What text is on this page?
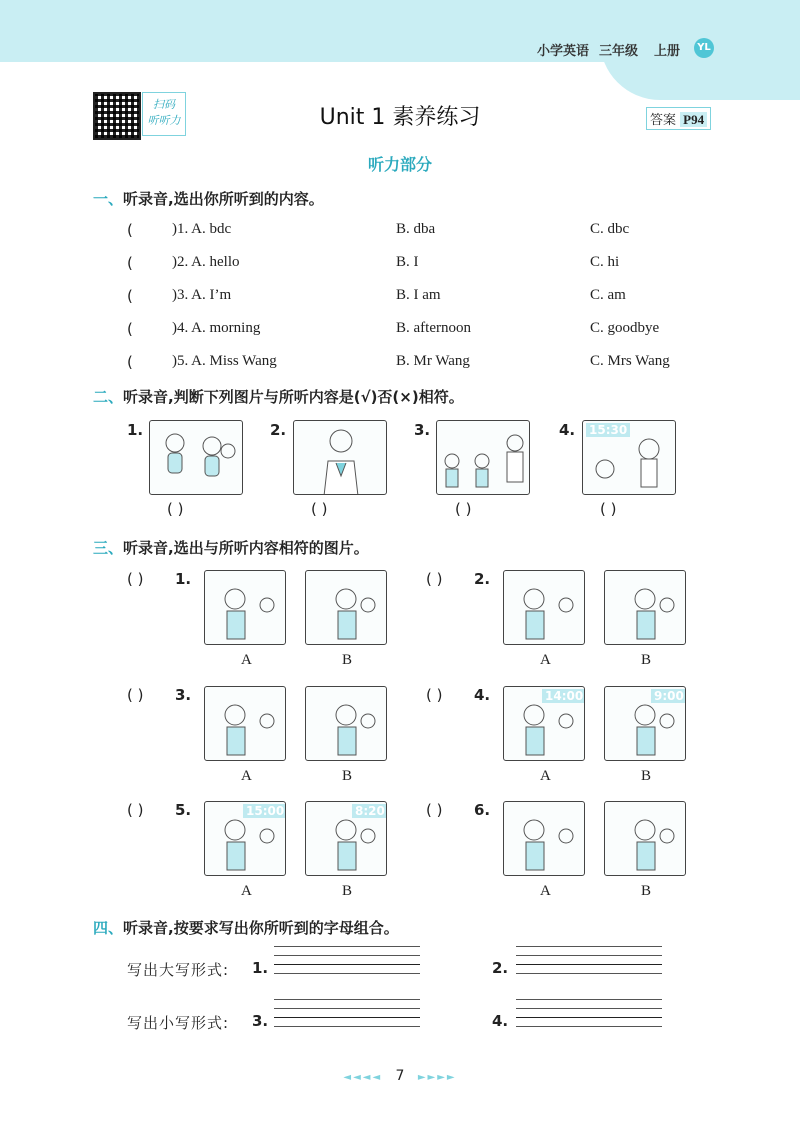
小学英语 三年级 上册	YL
扫码
听听力	Unit 1 素养练习	答案 P94
听力部分
一、听录音,选出你所听到的内容。
(	)1. A. bdc	B. dba	C. dbc
(	)2. A. hello	B. I	C. hi
(	)3. A. I’m	B. I am	C. am
(	)4. A. morning	B. afternoon	C. goodbye
(	)5. A. Miss Wang	B. Mr Wang	C. Mrs Wang
二、听录音,判断下列图片与所听内容是(√)否(×)相符。
1.
( )
2.
( )
3.
( )
4. 15:30
( )
三、听录音,选出与所听内容相符的图片。
( ) 1.
A	B
( ) 2.
A	B
( ) 3.
A	B
( ) 4.	14:00
A
9:00
B
( ) 5.	15:00
A
8:20
B
( ) 6.
A	B
四、听录音,按要求写出你所听到的字母组合。
写出大写形式: 1.	2.
写出小写形式: 3.	4.
◄◄◄◄ 7 ►►►►
